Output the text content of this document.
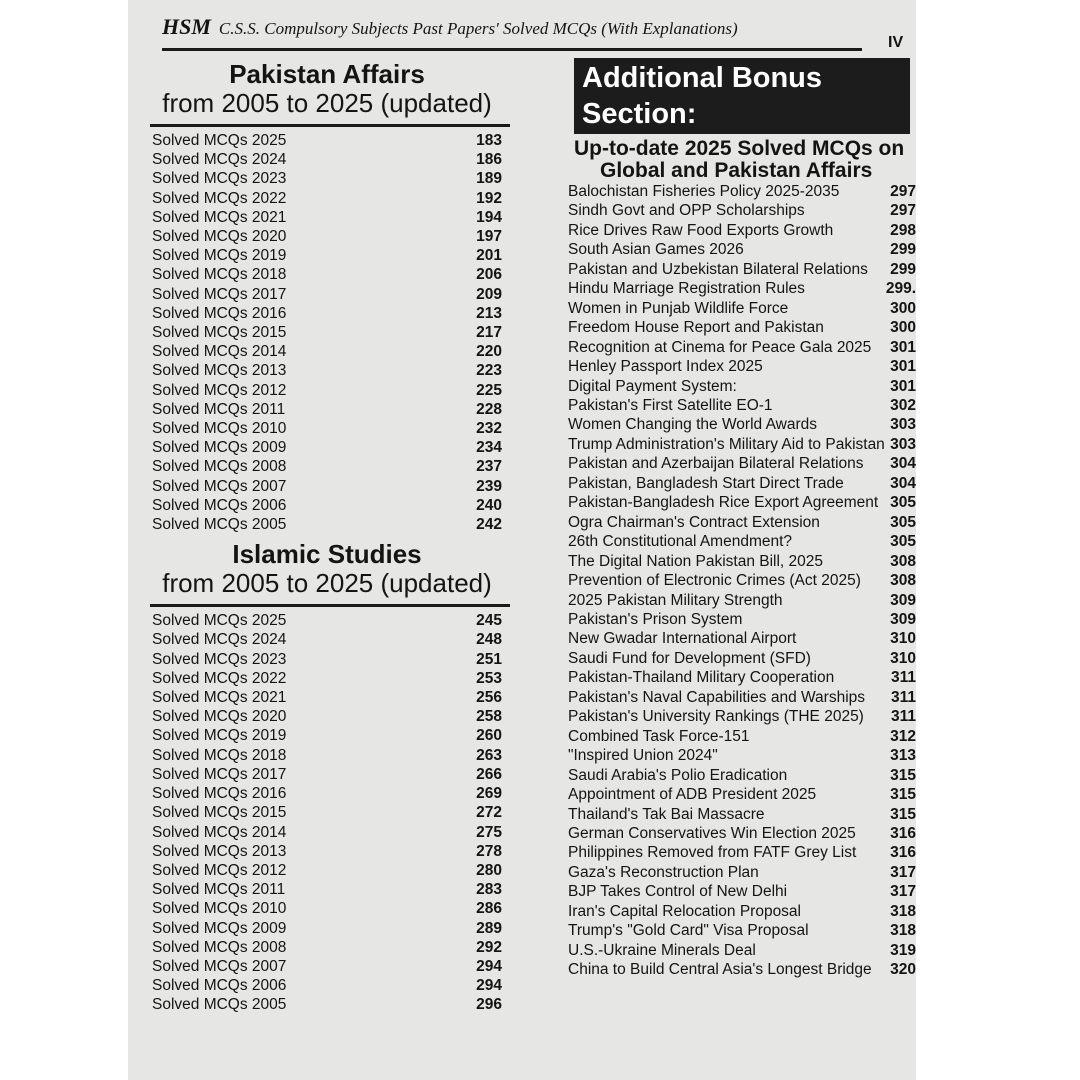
HSM C.S.S. Compulsory Subjects Past Papers' Solved MCQs (With Explanations)
IV
Pakistan Affairs
from 2005 to 2025 (updated)
Solved MCQs 2025	183
Solved MCQs 2024	186
Solved MCQs 2023	189
Solved MCQs 2022	192
Solved MCQs 2021	194
Solved MCQs 2020	197
Solved MCQs 2019	201
Solved MCQs 2018	206
Solved MCQs 2017	209
Solved MCQs 2016	213
Solved MCQs 2015	217
Solved MCQs 2014	220
Solved MCQs 2013	223
Solved MCQs 2012	225
Solved MCQs 2011	228
Solved MCQs 2010	232
Solved MCQs 2009	234
Solved MCQs 2008	237
Solved MCQs 2007	239
Solved MCQs 2006	240
Solved MCQs 2005	242
Islamic Studies
from 2005 to 2025 (updated)
Solved MCQs 2025	245
Solved MCQs 2024	248
Solved MCQs 2023	251
Solved MCQs 2022	253
Solved MCQs 2021	256
Solved MCQs 2020	258
Solved MCQs 2019	260
Solved MCQs 2018	263
Solved MCQs 2017	266
Solved MCQs 2016	269
Solved MCQs 2015	272
Solved MCQs 2014	275
Solved MCQs 2013	278
Solved MCQs 2012	280
Solved MCQs 2011	283
Solved MCQs 2010	286
Solved MCQs 2009	289
Solved MCQs 2008	292
Solved MCQs 2007	294
Solved MCQs 2006	294
Solved MCQs 2005	296
Additional Bonus Section:
Up-to-date 2025 Solved MCQs on
Global and Pakistan Affairs
Balochistan Fisheries Policy 2025-2035	297
Sindh Govt and OPP Scholarships	297
Rice Drives Raw Food Exports Growth	298
South Asian Games 2026	299
Pakistan and Uzbekistan Bilateral Relations 299
Hindu Marriage Registration Rules	299.
Women in Punjab Wildlife Force	300
Freedom House Report and Pakistan	300
Recognition at Cinema for Peace Gala 2025 301
Henley Passport Index 2025	301
Digital Payment System:	301
Pakistan's First Satellite EO-1	302
Women Changing the World Awards	303
Trump Administration's Military Aid to Pakistan 303
Pakistan and Azerbaijan Bilateral Relations 304
Pakistan, Bangladesh Start Direct Trade	304
Pakistan-Bangladesh Rice Export Agreement 305
Ogra Chairman's Contract Extension	305
26th Constitutional Amendment?	305
The Digital Nation Pakistan Bill, 2025	308
Prevention of Electronic Crimes (Act 2025) 308
2025 Pakistan Military Strength	309
Pakistan's Prison System	309
New Gwadar International Airport	310
Saudi Fund for Development (SFD)	310
Pakistan-Thailand Military Cooperation	311
Pakistan's Naval Capabilities and Warships 311
Pakistan's University Rankings (THE 2025) 311
Combined Task Force-151	312
"Inspired Union 2024"	313
Saudi Arabia's Polio Eradication	315
Appointment of ADB President 2025	315
Thailand's Tak Bai Massacre	315
German Conservatives Win Election 2025 316
Philippines Removed from FATF Grey List 316
Gaza's Reconstruction Plan	317
BJP Takes Control of New Delhi	317
Iran's Capital Relocation Proposal	318
Trump's "Gold Card" Visa Proposal	318
U.S.-Ukraine Minerals Deal	319
China to Build Central Asia's Longest Bridge 320
